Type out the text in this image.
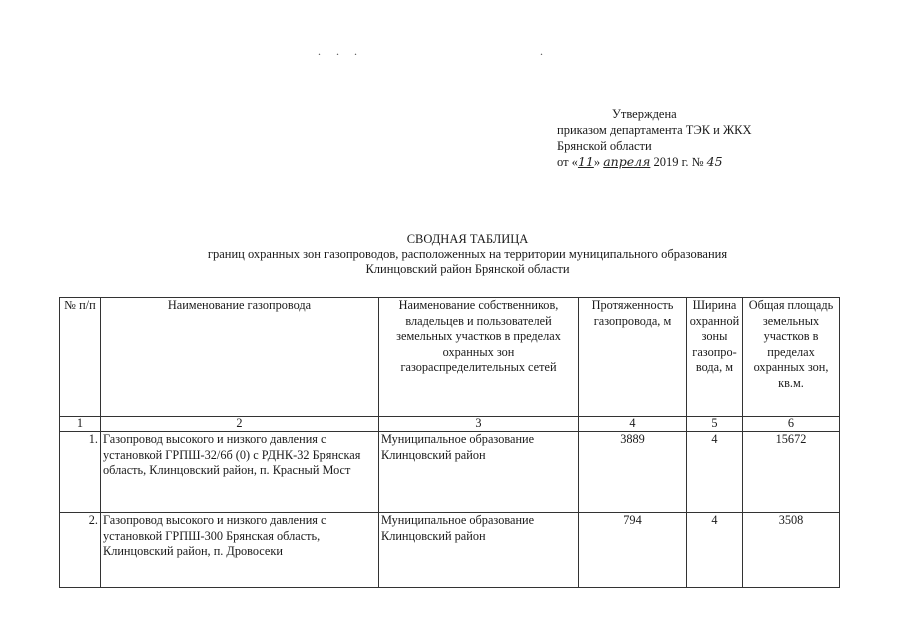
. . .	.
Утверждена
приказом департамента ТЭК и ЖКХ
Брянской области
от «11» апреля 2019 г. № 45
СВОДНАЯ ТАБЛИЦА
границ охранных зон газопроводов, расположенных на территории муниципального образования
Клинцовский район Брянской области
№ п/п	Наименование газопровода	Наименование собственников, владельцев и пользователей земельных участков в пределах охранных зон газораспределительных сетей	Протяженность газопровода, м	Ширина охранной зоны газопро-вода, м	Общая площадь земельных участков в пределах охранных зон, кв.м.
1	2	3	4	5	6
1.	Газопровод высокого и низкого давления с установкой ГРПШ-32/6б (0) с РДНК-32 Брянская область, Клинцовский район, п. Красный Мост	Муниципальное образование Клинцовский район	3889	4	15672
2.	Газопровод высокого и низкого давления с установкой ГРПШ-300 Брянская область, Клинцовский район, п. Дровосеки	Муниципальное образование Клинцовский район	794	4	3508
